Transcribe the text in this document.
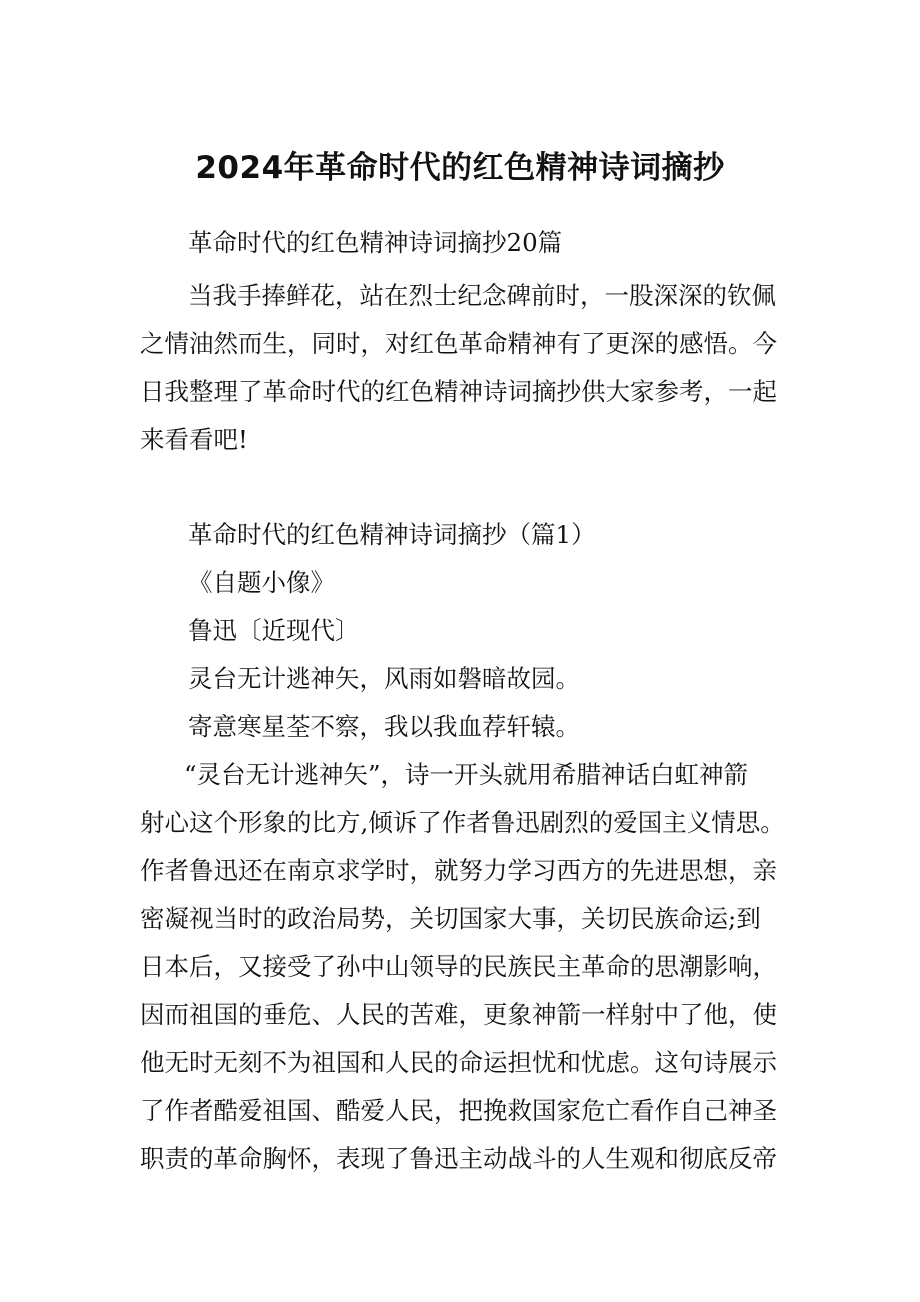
2024年革命时代的红色精神诗词摘抄
革命时代的红色精神诗词摘抄20篇
当我手捧鲜花，站在烈士纪念碑前时，一股深深的钦佩
之情油然而生，同时，对红色革命精神有了更深的感悟。今
日我整理了革命时代的红色精神诗词摘抄供大家参考，一起
来看看吧!
革命时代的红色精神诗词摘抄（篇1）
《自题小像》
鲁迅〔近现代〕
灵台无计逃神矢，风雨如磐暗故园。
寄意寒星荃不察，我以我血荐轩辕。
“灵台无计逃神矢”，诗一开头就用希腊神话白虹神箭
射心这个形象的比方,倾诉了作者鲁迅剧烈的爱国主义情思。
作者鲁迅还在南京求学时，就努力学习西方的先进思想，亲
密凝视当时的政治局势，关切国家大事，关切民族命运;到
日本后，又接受了孙中山领导的民族民主革命的思潮影响，
因而祖国的垂危、人民的苦难，更象神箭一样射中了他，使
他无时无刻不为祖国和人民的命运担忧和忧虑。这句诗展示
了作者酷爱祖国、酷爱人民，把挽救国家危亡看作自己神圣
职责的革命胸怀，表现了鲁迅主动战斗的人生观和彻底反帝
